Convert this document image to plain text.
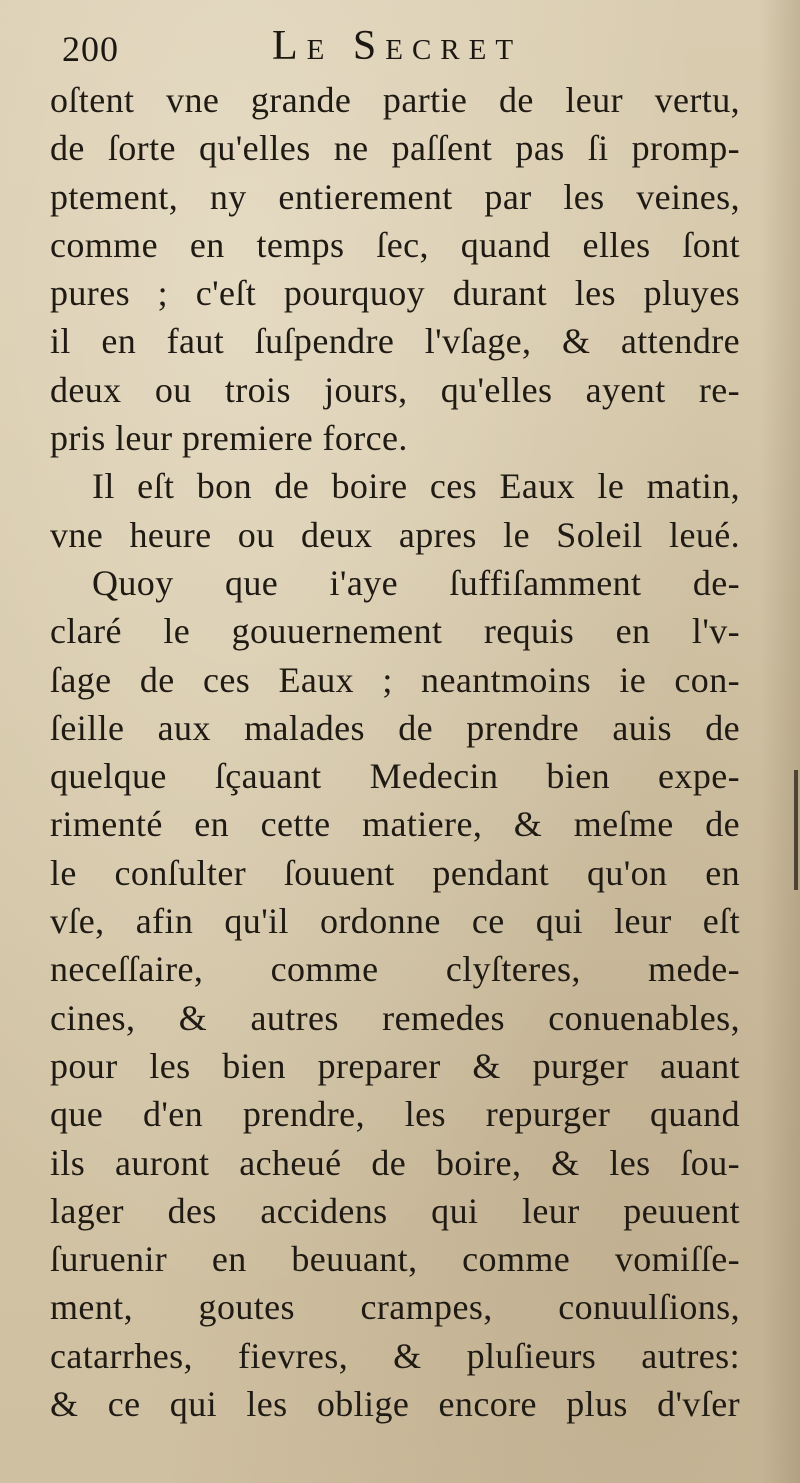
200	Le Secret
oſtent vne grande partie de leur vertu,
de ſorte qu'elles ne paſſent pas ſi promp-
ptement, ny entierement par les veines,
comme en temps ſec, quand elles ſont
pures ; c'eſt pourquoy durant les pluyes
il en faut ſuſpendre l'vſage, & attendre
deux ou trois jours, qu'elles ayent re-
pris leur premiere force.
Il eſt bon de boire ces Eaux le matin,
vne heure ou deux apres le Soleil leué.
Quoy que i'aye ſuffiſamment de-
claré le gouuernement requis en l'v-
ſage de ces Eaux ; neantmoins ie con-
ſeille aux malades de prendre auis de
quelque ſçauant Medecin bien expe-
rimenté en cette matiere, & meſme de
le conſulter ſouuent pendant qu'on en
vſe, afin qu'il ordonne ce qui leur eſt
neceſſaire, comme clyſteres, mede-
cines, & autres remedes conuenables,
pour les bien preparer & purger auant
que d'en prendre, les repurger quand
ils auront acheué de boire, & les ſou-
lager des accidens qui leur peuuent
ſuruenir en beuuant, comme vomiſſe-
ment, goutes crampes, conuulſions,
catarrhes, fievres, & pluſieurs autres:
& ce qui les oblige encore plus d'vſer
